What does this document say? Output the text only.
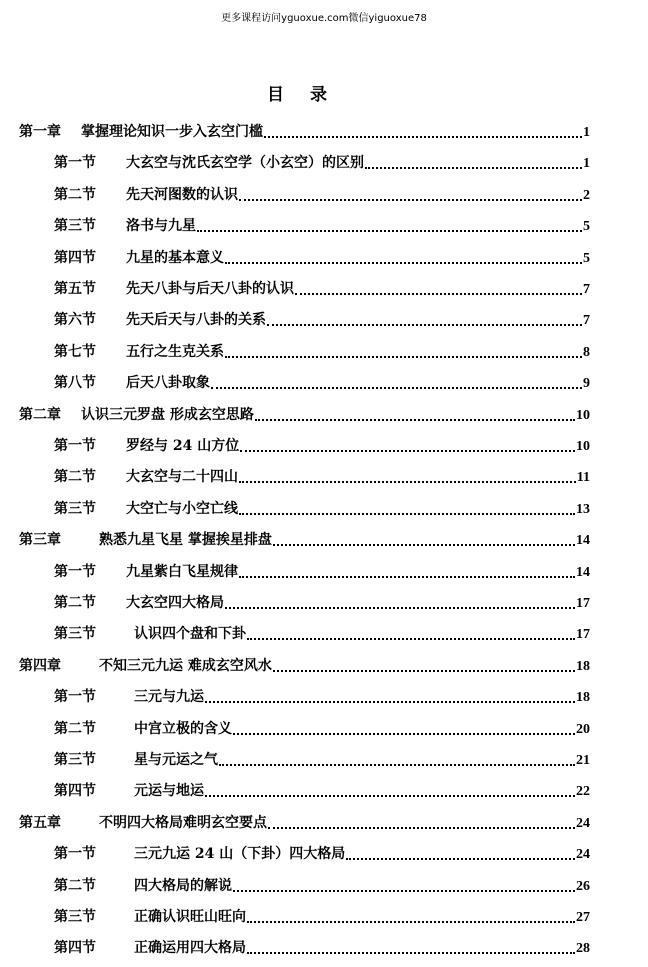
更多课程访问yguoxue.com微信yiguoxue78
目录
第一章	掌握理论知识一步入玄空门槛	1
第一节	大玄空与沈氏玄空学（小玄空）的区别	1
第二节	先天河图数的认识	2
第三节	洛书与九星	5
第四节	九星的基本意义	5
第五节	先天八卦与后天八卦的认识	7
第六节	先天后天与八卦的关系	7
第七节	五行之生克关系	8
第八节	后天八卦取象	9
第二章	认识三元罗盘 形成玄空思路	10
第一节	罗经与 24 山方位	10
第二节	大玄空与二十四山	11
第三节	大空亡与小空亡线	13
第三章	熟悉九星飞星 掌握挨星排盘	14
第一节	九星紫白飞星规律	14
第二节	大玄空四大格局	17
第三节	认识四个盘和下卦	17
第四章	不知三元九运 难成玄空风水	18
第一节	三元与九运	18
第二节	中宫立极的含义	20
第三节	星与元运之气	21
第四节	元运与地运	22
第五章	不明四大格局难明玄空要点	24
第一节	三元九运 24 山（下卦）四大格局	24
第二节	四大格局的解说	26
第三节	正确认识旺山旺向	27
第四节	正确运用四大格局	28
